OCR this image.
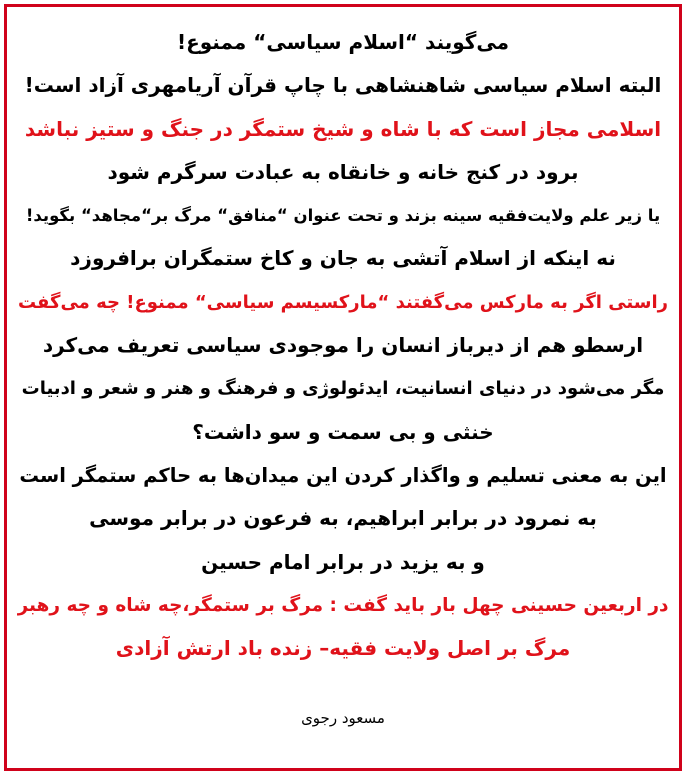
می‌گویند “اسلام سیاسی“ ممنوع!
البته اسلام سیاسی شاهنشاهی با چاپ قرآن آریامهری آزاد است!
اسلامی مجاز است که با شاه و شیخ ستمگر در جنگ و ستیز نباشد
برود در کنج خانه و خانقاه به عبادت سرگرم شود
یا زیر علم ولایت‌فقیه سینه بزند و تحت عنوان “منافق“ مرگ بر“مجاهد“ بگوید!
نه اینکه از اسلام آتشی به جان و کاخ ستمگران برافروزد
راستی اگر به مارکس می‌گفتند “مارکسیسم سیاسی“ ممنوع! چه می‌گفت
ارسطو هم از دیرباز انسان را موجودی سیاسی تعریف می‌کرد
مگر می‌شود در دنیای انسانیت، ایدئولوژی و فرهنگ و هنر و شعر و ادبیات
خنثی و بی سمت و سو داشت؟
این به معنی تسلیم و واگذار کردن این میدان‌ها به حاکم ستمگر است
به نمرود در برابر ابراهیم، به فرعون در برابر موسی
و به یزید در برابر امام حسین
در اربعین حسینی چهل بار باید گفت : مرگ بر ستمگر،چه شاه و چه رهبر
مرگ بر اصل ولایت فقیه– زنده باد ارتش آزادی
مسعود رجوی
